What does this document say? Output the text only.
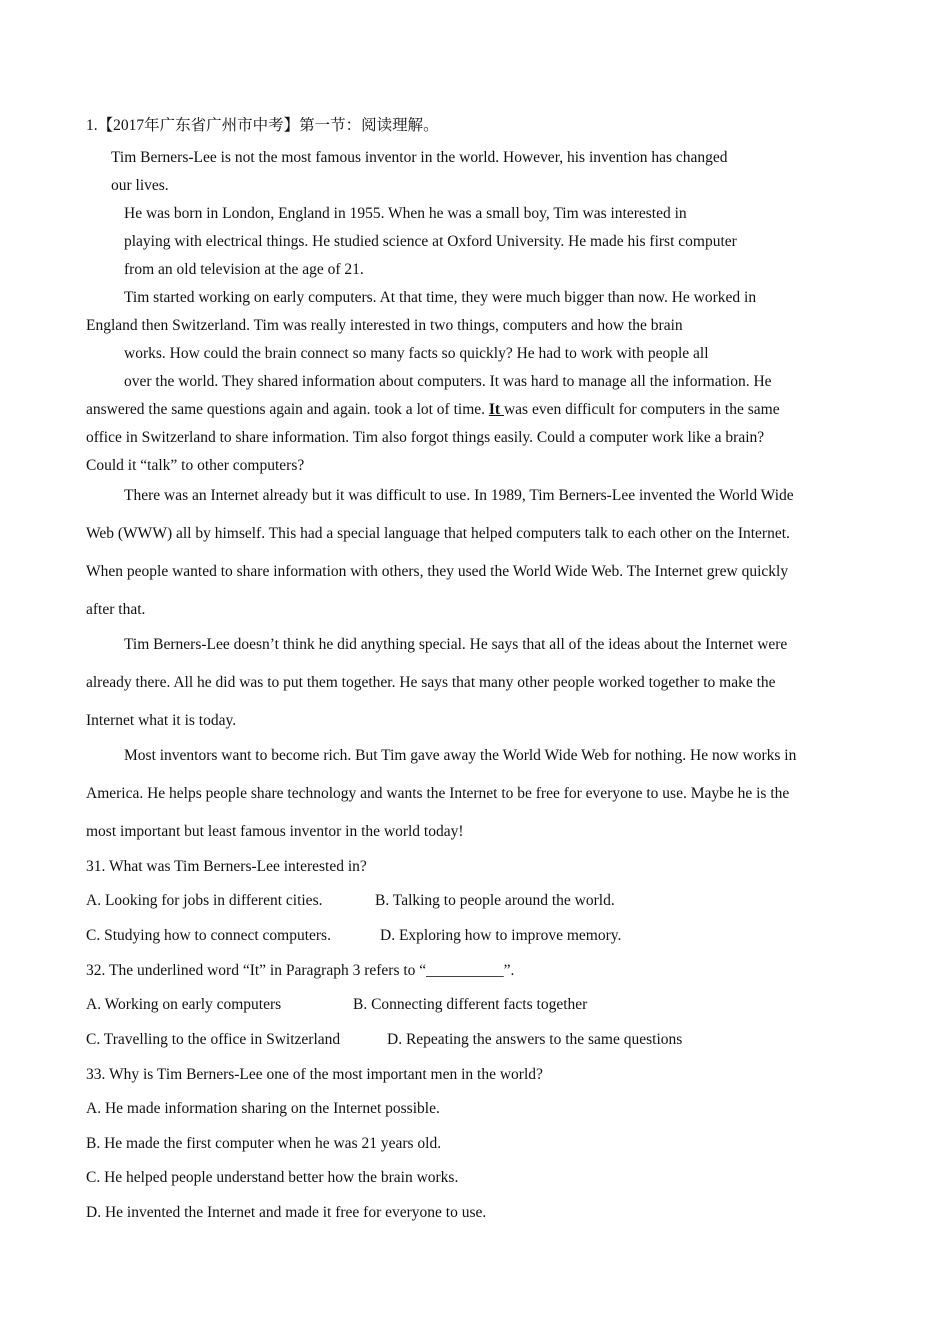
1.【2017年广东省广州市中考】第一节：阅读理解。
Tim Berners-Lee is not the most famous inventor in the world. However, his invention has changed
our lives.
He was born in London, England in 1955. When he was a small boy, Tim was interested in
playing with electrical things. He studied science at Oxford University. He made his first computer
from an old television at the age of 21.
Tim started working on early computers. At that time, they were much bigger than now. He worked in
England then Switzerland. Tim was really interested in two things, computers and how the brain
works. How could the brain connect so many facts so quickly? He had to work with people all
over the world. They shared information about computers. It was hard to manage all the information. He
answered the same questions again and again. took a lot of time. It was even difficult for computers in the same
office in Switzerland to share information. Tim also forgot things easily. Could a computer work like a brain?
Could it “talk” to other computers?
There was an Internet already but it was difficult to use. In 1989, Tim Berners-Lee invented the World Wide
Web (WWW) all by himself. This had a special language that helped computers talk to each other on the Internet.
When people wanted to share information with others, they used the World Wide Web. The Internet grew quickly
after that.
Tim Berners-Lee doesn’t think he did anything special. He says that all of the ideas about the Internet were
already there. All he did was to put them together. He says that many other people worked together to make the
Internet what it is today.
Most inventors want to become rich. But Tim gave away the World Wide Web for nothing. He now works in
America. He helps people share technology and wants the Internet to be free for everyone to use. Maybe he is the
most important but least famous inventor in the world today!
31. What was Tim Berners-Lee interested in?
A. Looking for jobs in different cities.	B. Talking to people around the world.
C. Studying how to connect computers.	D. Exploring how to improve memory.
32. The underlined word “It” in Paragraph 3 refers to “__________”.
A. Working on early computers	B. Connecting different facts together
C. Travelling to the office in Switzerland	D. Repeating the answers to the same questions
33. Why is Tim Berners-Lee one of the most important men in the world?
A. He made information sharing on the Internet possible.
B. He made the first computer when he was 21 years old.
C. He helped people understand better how the brain works.
D. He invented the Internet and made it free for everyone to use.
